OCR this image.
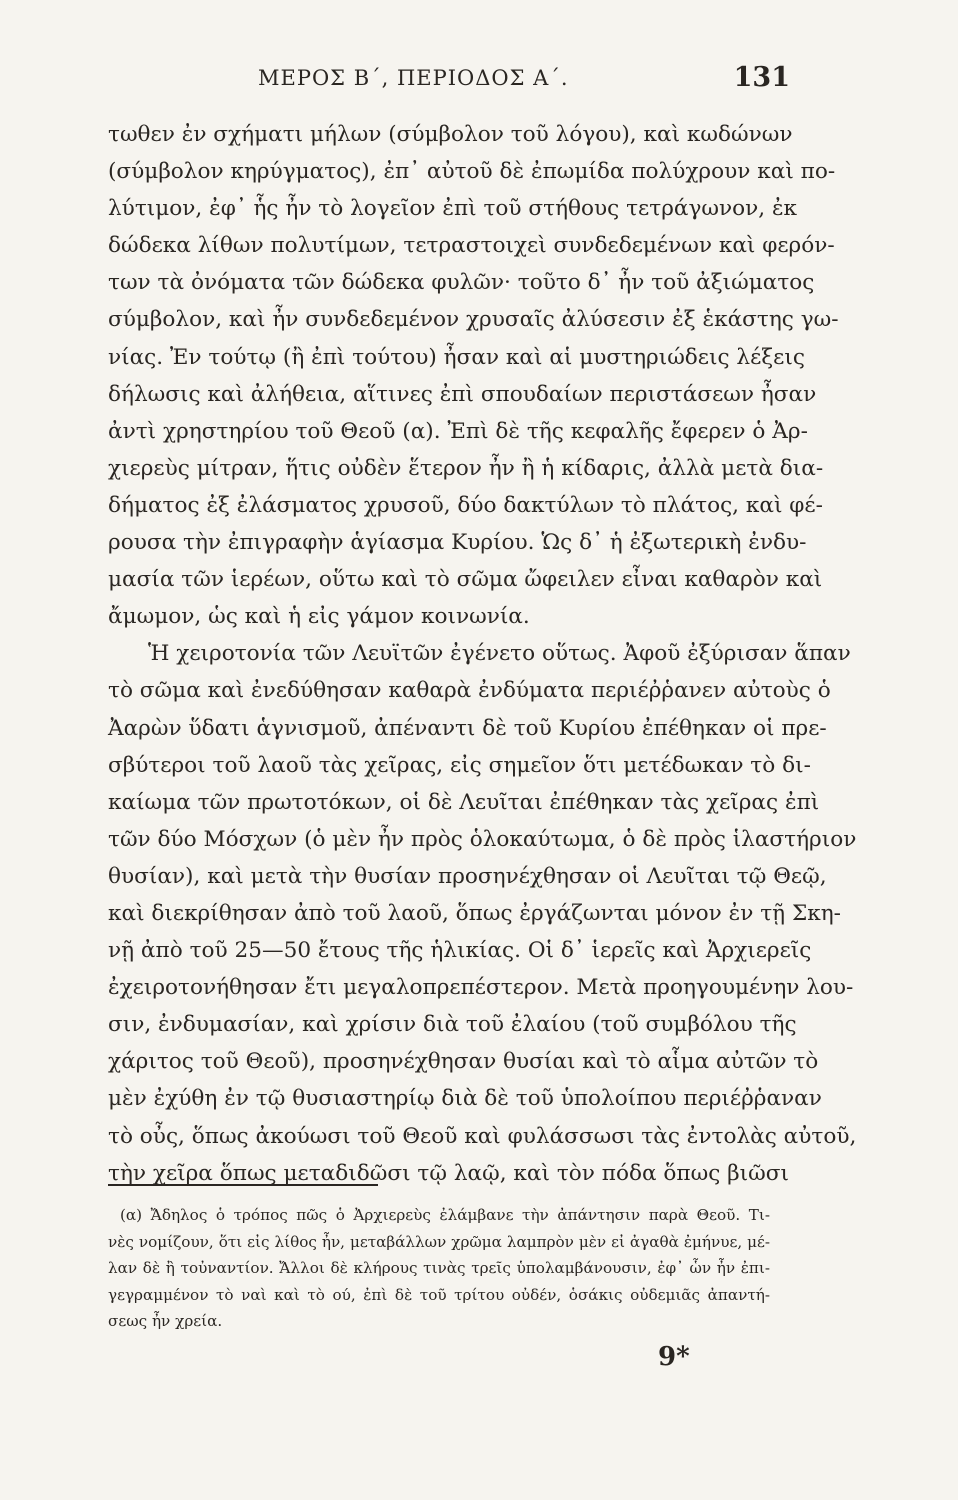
ΜΕΡΟΣ Β΄, ΠΕΡΙΟΔΟΣ Α΄.	131
τωθεν ἐν σχήματι μήλων (σύμβολον τοῦ λόγου), καὶ κωδώνων
(σύμβολον κηρύγματος), ἐπ᾽ αὐτοῦ δὲ ἐπωμίδα πολύχρουν καὶ πο-
λύτιμον, ἐφ᾽ ἧς ἦν τὸ λογεῖον ἐπὶ τοῦ στήθους τετράγωνον, ἐκ
δώδεκα λίθων πολυτίμων, τετραστοιχεὶ συνδεδεμένων καὶ φερόν-
των τὰ ὀνόματα τῶν δώδεκα φυλῶν· τοῦτο δ᾽ ἦν τοῦ ἀξιώματος
σύμβολον, καὶ ἦν συνδεδεμένον χρυσαῖς ἀλύσεσιν ἐξ ἑκάστης γω-
νίας. Ἐν τούτῳ (ἢ ἐπὶ τούτου) ἦσαν καὶ αἱ μυστηριώδεις λέξεις
δήλωσις καὶ ἀλήθεια, αἵτινες ἐπὶ σπουδαίων περιστάσεων ἦσαν
ἀντὶ χρηστηρίου τοῦ Θεοῦ (α). Ἐπὶ δὲ τῆς κεφαλῆς ἔφερεν ὁ Ἀρ-
χιερεὺς μίτραν, ἥτις οὐδὲν ἕτερον ἦν ἢ ἡ κίδαρις, ἀλλὰ μετὰ δια-
δήματος ἐξ ἐλάσματος χρυσοῦ, δύο δακτύλων τὸ πλάτος, καὶ φέ-
ρουσα τὴν ἐπιγραφὴν ἁγίασμα Κυρίου. Ὡς δ᾽ ἡ ἐξωτερικὴ ἐνδυ-
μασία τῶν ἱερέων, οὕτω καὶ τὸ σῶμα ὤφειλεν εἶναι καθαρὸν καὶ
ἄμωμον, ὡς καὶ ἡ εἰς γάμον κοινωνία.
Ἡ χειροτονία τῶν Λευϊτῶν ἐγένετο οὕτως. Ἀφοῦ ἐξύρισαν ἅπαν
τὸ σῶμα καὶ ἐνεδύθησαν καθαρὰ ἐνδύματα περιέῤῥανεν αὐτοὺς ὁ
Ἀαρὼν ὕδατι ἁγνισμοῦ, ἀπέναντι δὲ τοῦ Κυρίου ἐπέθηκαν οἱ πρε-
σβύτεροι τοῦ λαοῦ τὰς χεῖρας, εἰς σημεῖον ὅτι μετέδωκαν τὸ δι-
καίωμα τῶν πρωτοτόκων, οἱ δὲ Λευῖται ἐπέθηκαν τὰς χεῖρας ἐπὶ
τῶν δύο Μόσχων (ὁ μὲν ἦν πρὸς ὁλοκαύτωμα, ὁ δὲ πρὸς ἱλαστήριον
θυσίαν), καὶ μετὰ τὴν θυσίαν προσηνέχθησαν οἱ Λευῖται τῷ Θεῷ,
καὶ διεκρίθησαν ἀπὸ τοῦ λαοῦ, ὅπως ἐργάζωνται μόνον ἐν τῇ Σκη-
νῇ ἀπὸ τοῦ 25—50 ἔτους τῆς ἡλικίας. Οἱ δ᾽ ἱερεῖς καὶ Ἀρχιερεῖς
ἐχειροτονήθησαν ἔτι μεγαλοπρεπέστερον. Μετὰ προηγουμένην λου-
σιν, ἐνδυμασίαν, καὶ χρίσιν διὰ τοῦ ἐλαίου (τοῦ συμβόλου τῆς
χάριτος τοῦ Θεοῦ), προσηνέχθησαν θυσίαι καὶ τὸ αἷμα αὐτῶν τὸ
μὲν ἐχύθη ἐν τῷ θυσιαστηρίῳ διὰ δὲ τοῦ ὑπολοίπου περιέῤῥαναν
τὸ οὖς, ὅπως ἀκούωσι τοῦ Θεοῦ καὶ φυλάσσωσι τὰς ἐντολὰς αὐτοῦ,
τὴν χεῖρα ὅπως μεταδιδῶσι τῷ λαῷ, καὶ τὸν πόδα ὅπως βιῶσι
(α) Ἄδηλος ὁ τρόπος πῶς ὁ Ἀρχιερεὺς ἐλάμβανε τὴν ἀπάντησιν παρὰ Θεοῦ. Τι-
νὲς νομίζουν, ὅτι εἰς λίθος ἦν, μεταβάλλων χρῶμα λαμπρὸν μὲν εἰ ἀγαθὰ ἐμήνυε, μέ-
λαν δὲ ἢ τοὐναντίον. Ἄλλοι δὲ κλήρους τινὰς τρεῖς ὑπολαμβάνουσιν, ἐφ᾽ ὧν ἦν ἐπι-
γεγραμμένον τὸ ναὶ καὶ τὸ ού, ἐπὶ δὲ τοῦ τρίτου οὐδέν, ὁσάκις οὐδεμιᾶς ἀπαντή-
σεως ἦν χρεία.
9*
